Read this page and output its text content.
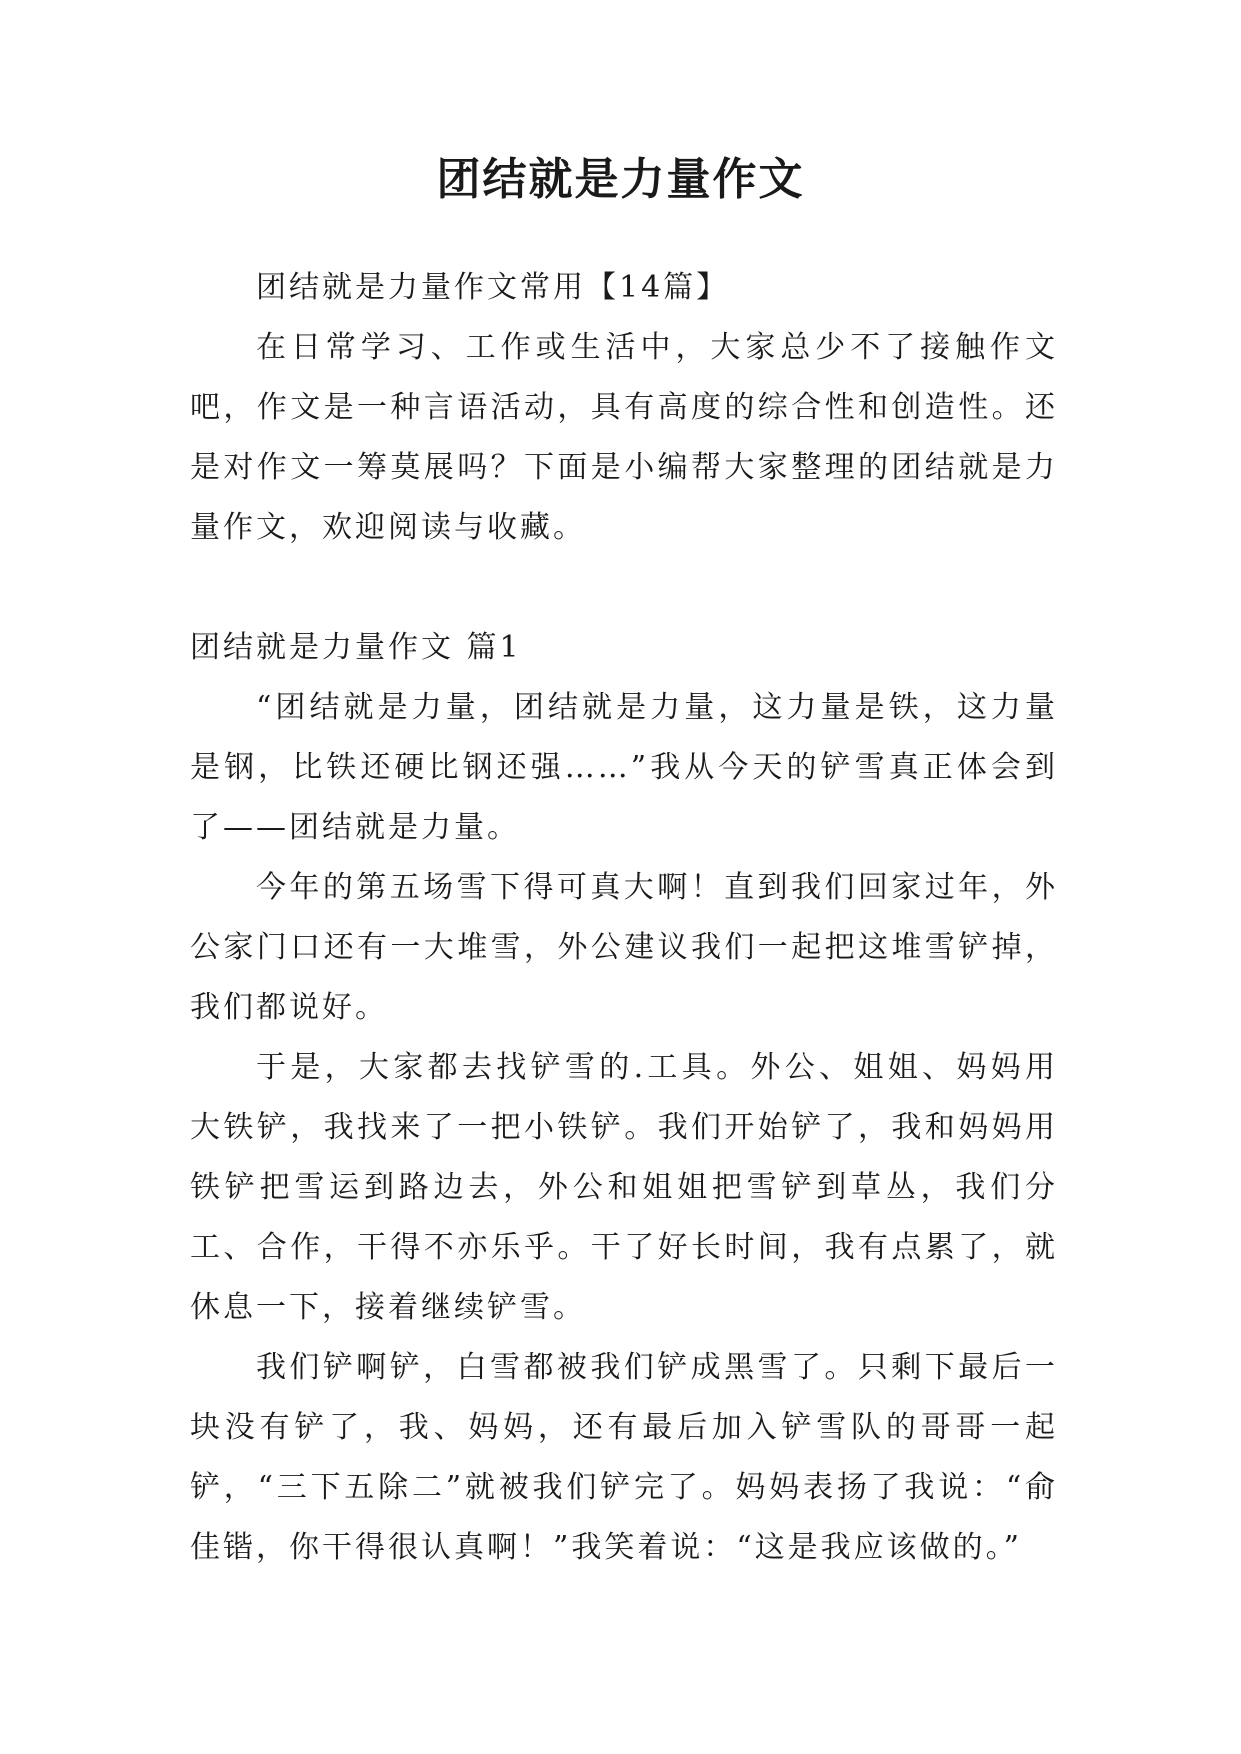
团结就是力量作文

团结就是力量作文常用【14篇】

在日常学习、工作或生活中，大家总少不了接触作文吧，作文是一种言语活动，具有高度的综合性和创造性。还是对作文一筹莫展吗？下面是小编帮大家整理的团结就是力量作文，欢迎阅读与收藏。

团结就是力量作文 篇1

“团结就是力量，团结就是力量，这力量是铁，这力量是钢，比铁还硬比钢还强……”我从今天的铲雪真正体会到了——团结就是力量。

今年的第五场雪下得可真大啊！直到我们回家过年，外公家门口还有一大堆雪，外公建议我们一起把这堆雪铲掉，我们都说好。

于是，大家都去找铲雪的.工具。外公、姐姐、妈妈用大铁铲，我找来了一把小铁铲。我们开始铲了，我和妈妈用铁铲把雪运到路边去，外公和姐姐把雪铲到草丛，我们分工、合作，干得不亦乐乎。干了好长时间，我有点累了，就休息一下，接着继续铲雪。

我们铲啊铲，白雪都被我们铲成黑雪了。只剩下最后一块没有铲了，我、妈妈，还有最后加入铲雪队的哥哥一起铲，“三下五除二”就被我们铲完了。妈妈表扬了我说：“俞佳锴，你干得很认真啊！”我笑着说：“这是我应该做的。”
